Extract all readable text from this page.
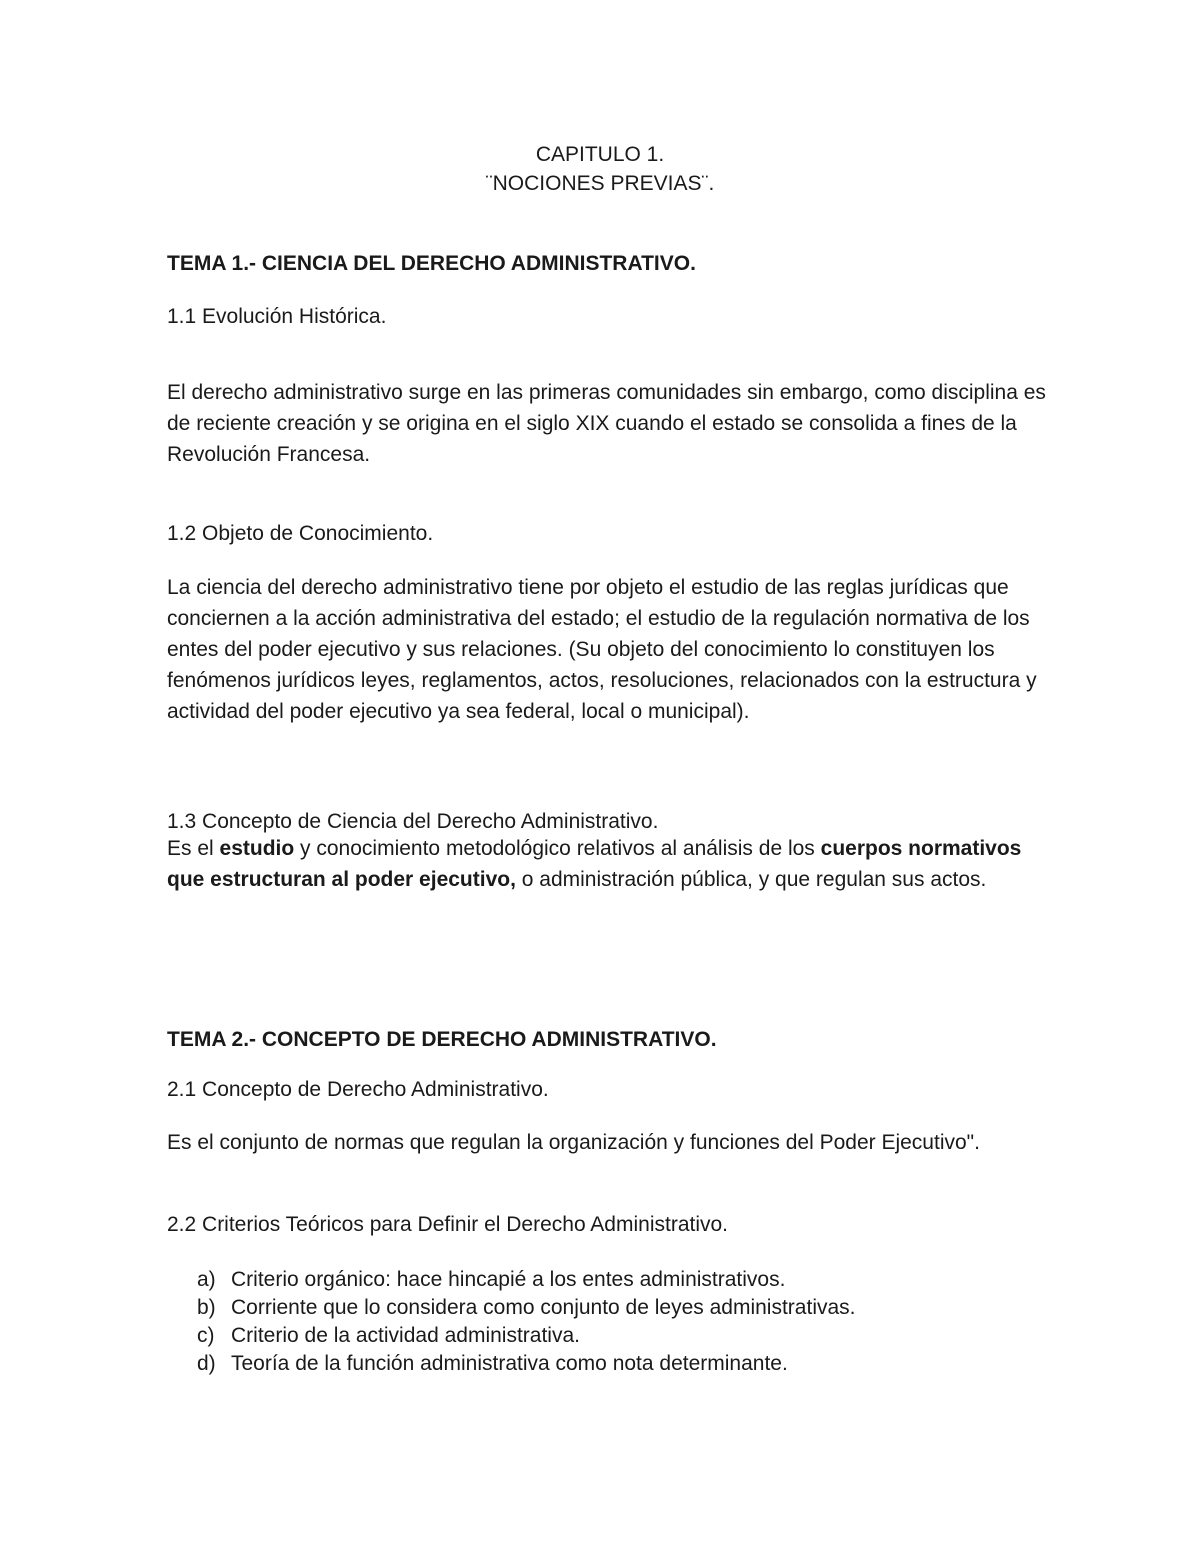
CAPITULO 1.
¨NOCIONES PREVIAS¨.
TEMA 1.- CIENCIA DEL DERECHO ADMINISTRATIVO.
1.1 Evolución Histórica.

El derecho administrativo surge en las primeras comunidades sin embargo, como disciplina es de reciente creación y se origina en el siglo XIX cuando el estado se consolida a fines de la Revolución Francesa.

1.2 Objeto de Conocimiento.

La ciencia del derecho administrativo tiene por objeto el estudio de las reglas jurídicas que conciernen a la acción administrativa del estado; el estudio de la regulación normativa de los entes del poder ejecutivo y sus relaciones. (Su objeto del conocimiento lo constituyen los fenómenos jurídicos leyes, reglamentos, actos, resoluciones, relacionados con la estructura y actividad del poder ejecutivo ya sea federal, local o municipal).

1.3 Concepto de Ciencia del Derecho Administrativo.

Es el estudio y conocimiento metodológico relativos al análisis de los cuerpos normativos que estructuran al poder ejecutivo, o administración pública, y que regulan sus actos.

TEMA 2.- CONCEPTO DE DERECHO ADMINISTRATIVO.
2.1 Concepto de Derecho Administrativo.

Es el conjunto de normas que regulan la organización y funciones del Poder Ejecutivo".

2.2 Criterios Teóricos para Definir el Derecho Administrativo.
a) Criterio orgánico: hace hincapié a los entes administrativos.
b) Corriente que lo considera como conjunto de leyes administrativas.
c) Criterio de la actividad administrativa.
d) Teoría de la función administrativa como nota determinante.
